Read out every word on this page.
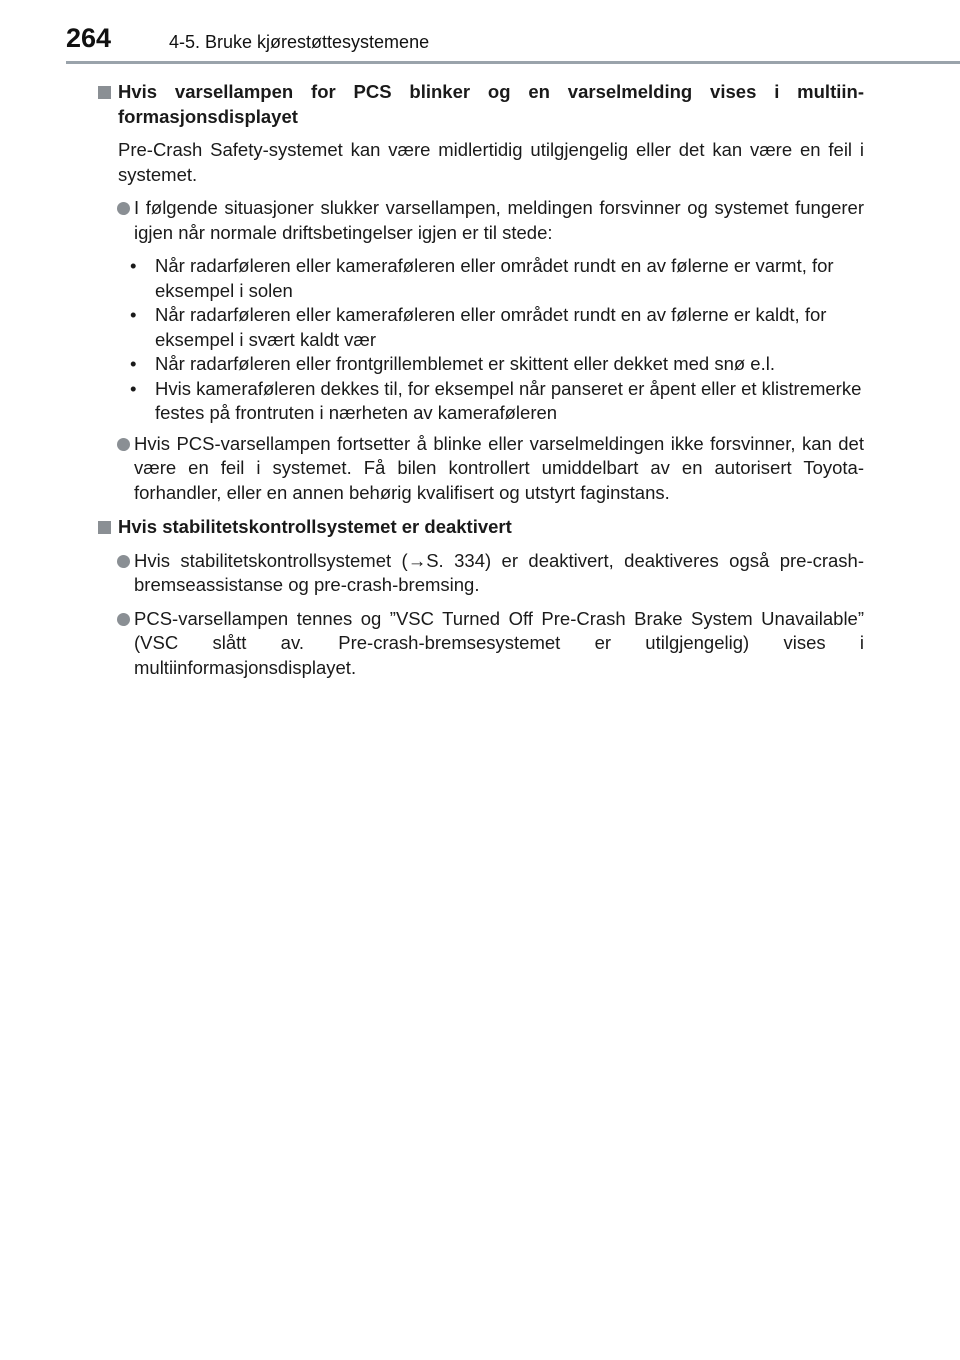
264	4-5. Bruke kjørestøttesystemene
Hvis varsellampen for PCS blinker og en varselmelding vises i multiinformasjonsdisplayet

Pre-Crash Safety-systemet kan være midlertidig utilgjengelig eller det kan være en feil i systemet.

I følgende situasjoner slukker varsellampen, meldingen forsvinner og systemet fungerer igjen når normale driftsbetingelser igjen er til stede:
• Når radarføleren eller kameraføleren eller området rundt en av følerne er varmt, for eksempel i solen
• Når radarføleren eller kameraføleren eller området rundt en av følerne er kaldt, for eksempel i svært kaldt vær
• Når radarføleren eller frontgrillemblemet er skittent eller dekket med snø e.l.
• Hvis kameraføleren dekkes til, for eksempel når panseret er åpent eller et klistremerke festes på frontruten i nærheten av kameraføleren
Hvis PCS-varsellampen fortsetter å blinke eller varselmeldingen ikke forsvinner, kan det være en feil i systemet. Få bilen kontrollert umiddelbart av en autorisert Toyota-forhandler, eller en annen behørig kvalifisert og utstyrt faginstans.
Hvis stabilitetskontrollsystemet er deaktivert
Hvis stabilitetskontrollsystemet (→S. 334) er deaktivert, deaktiveres også pre-crash-bremseassistanse og pre-crash-bremsing.
PCS-varsellampen tennes og ”VSC Turned Off Pre-Crash Brake System Unavailable” (VSC slått av. Pre-crash-bremsesystemet er utilgjengelig) vises i multiinformasjonsdisplayet.
